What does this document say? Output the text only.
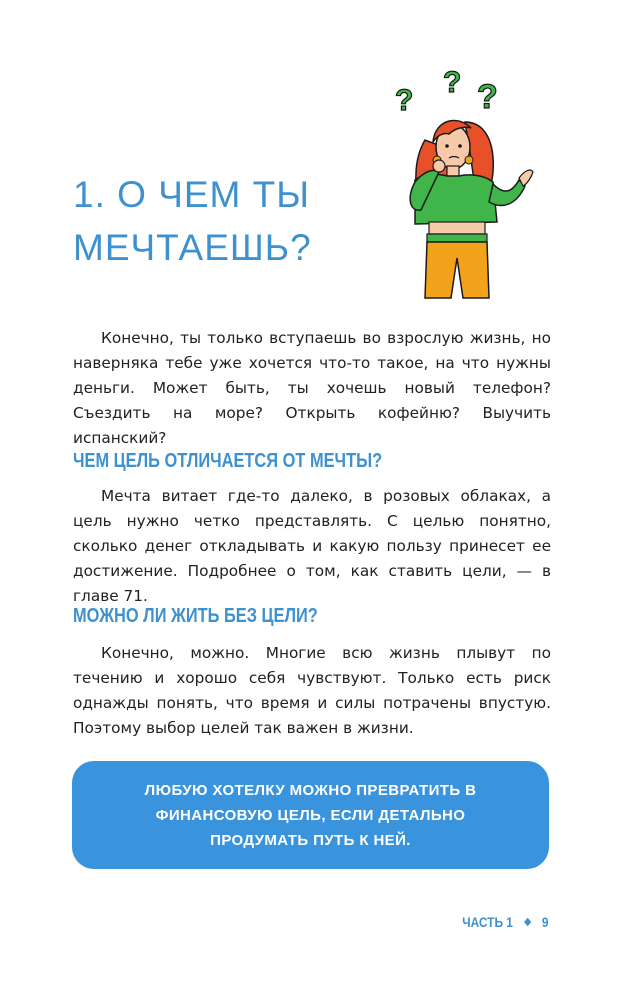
1. О ЧЕМ ТЫ
МЕЧТАЕШЬ?
?
? ?

Конечно, ты только вступаешь во взрослую жизнь, но наверняка тебе уже хочется что-то такое, на что нужны деньги. Может быть, ты хочешь новый телефон? Съездить на море? Открыть кофейню? Выучить испанский?

ЧЕМ ЦЕЛЬ ОТЛИЧАЕТСЯ ОТ МЕЧТЫ?

Мечта витает где-то далеко, в розовых облаках, а цель нужно четко представлять. С целью понятно, сколько денег откладывать и какую пользу принесет ее достижение. Подробнее о том, как ставить цели, — в главе 71.

МОЖНО ЛИ ЖИТЬ БЕЗ ЦЕЛИ?

Конечно, можно. Многие всю жизнь плывут по течению и хорошо себя чувствуют. Только есть риск однажды понять, что время и силы потрачены впустую. Поэтому выбор целей так важен в жизни.

ЛЮБУЮ ХОТЕЛКУ МОЖНО ПРЕВРАТИТЬ В ФИНАНСОВУЮ ЦЕЛЬ, ЕСЛИ ДЕТАЛЬНО ПРОДУМАТЬ ПУТЬ К НЕЙ.

ЧАСТЬ 1 9
